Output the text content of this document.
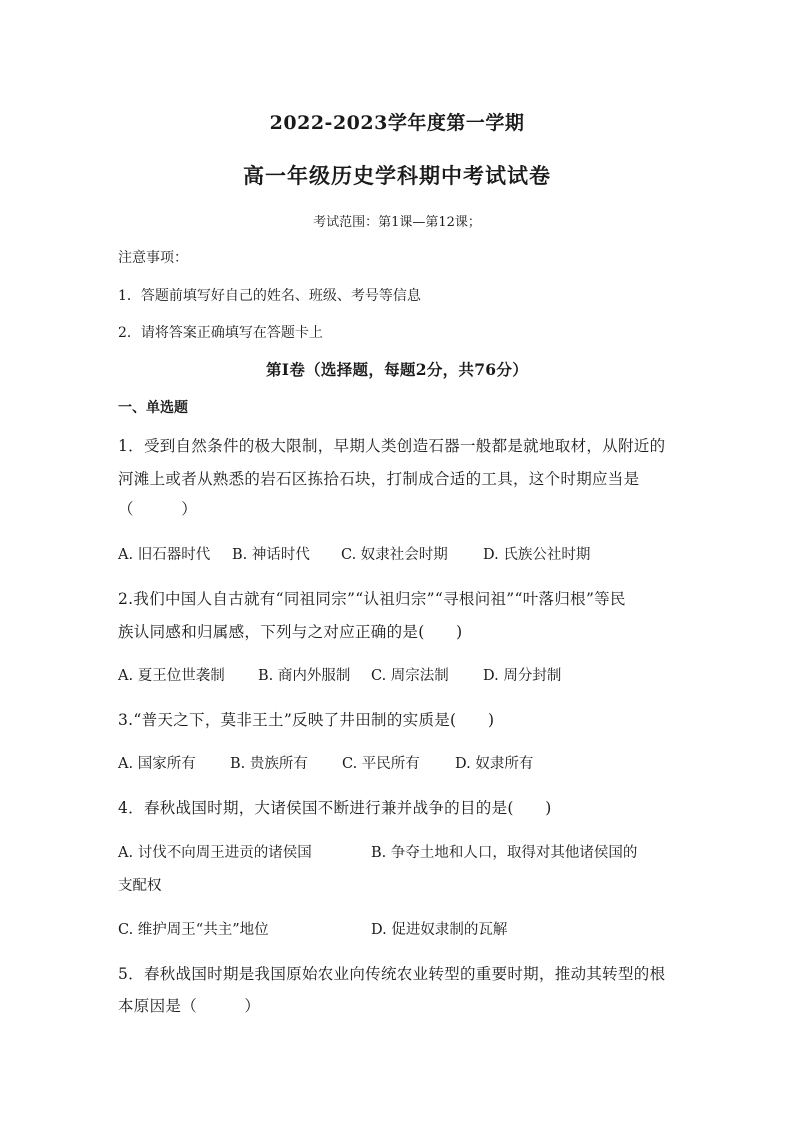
2022-2023学年度第一学期
高一年级历史学科期中考试试卷
考试范围：第1课—第12课；
注意事项：
1．答题前填写好自己的姓名、班级、考号等信息
2．请将答案正确填写在答题卡上
第I卷（选择题，每题2分，共76分）
一、单选题
1．受到自然条件的极大限制，早期人类创造石器一般都是就地取材，从附近的
河滩上或者从熟悉的岩石区拣拾石块，打制成合适的工具，这个时期应当是
（　　　）
A. 旧石器时代 B. 神话时代 C. 奴隶社会时期 D. 氏族公社时期
2.我们中国人自古就有“同祖同宗”“认祖归宗”“寻根问祖”“叶落归根”等民
族认同感和归属感，下列与之对应正确的是(　　)
A. 夏王位世袭制 B. 商内外服制 C. 周宗法制 D. 周分封制
3.“普天之下，莫非王土”反映了井田制的实质是(　　)
A. 国家所有 B. 贵族所有 C. 平民所有 D. 奴隶所有
4．春秋战国时期，大诸侯国不断进行兼并战争的目的是(　　)
A. 讨伐不向周王进贡的诸侯国	B. 争夺土地和人口，取得对其他诸侯国的
支配权
C. 维护周王“共主”地位	D. 促进奴隶制的瓦解
5．春秋战国时期是我国原始农业向传统农业转型的重要时期，推动其转型的根
本原因是（　　　）
